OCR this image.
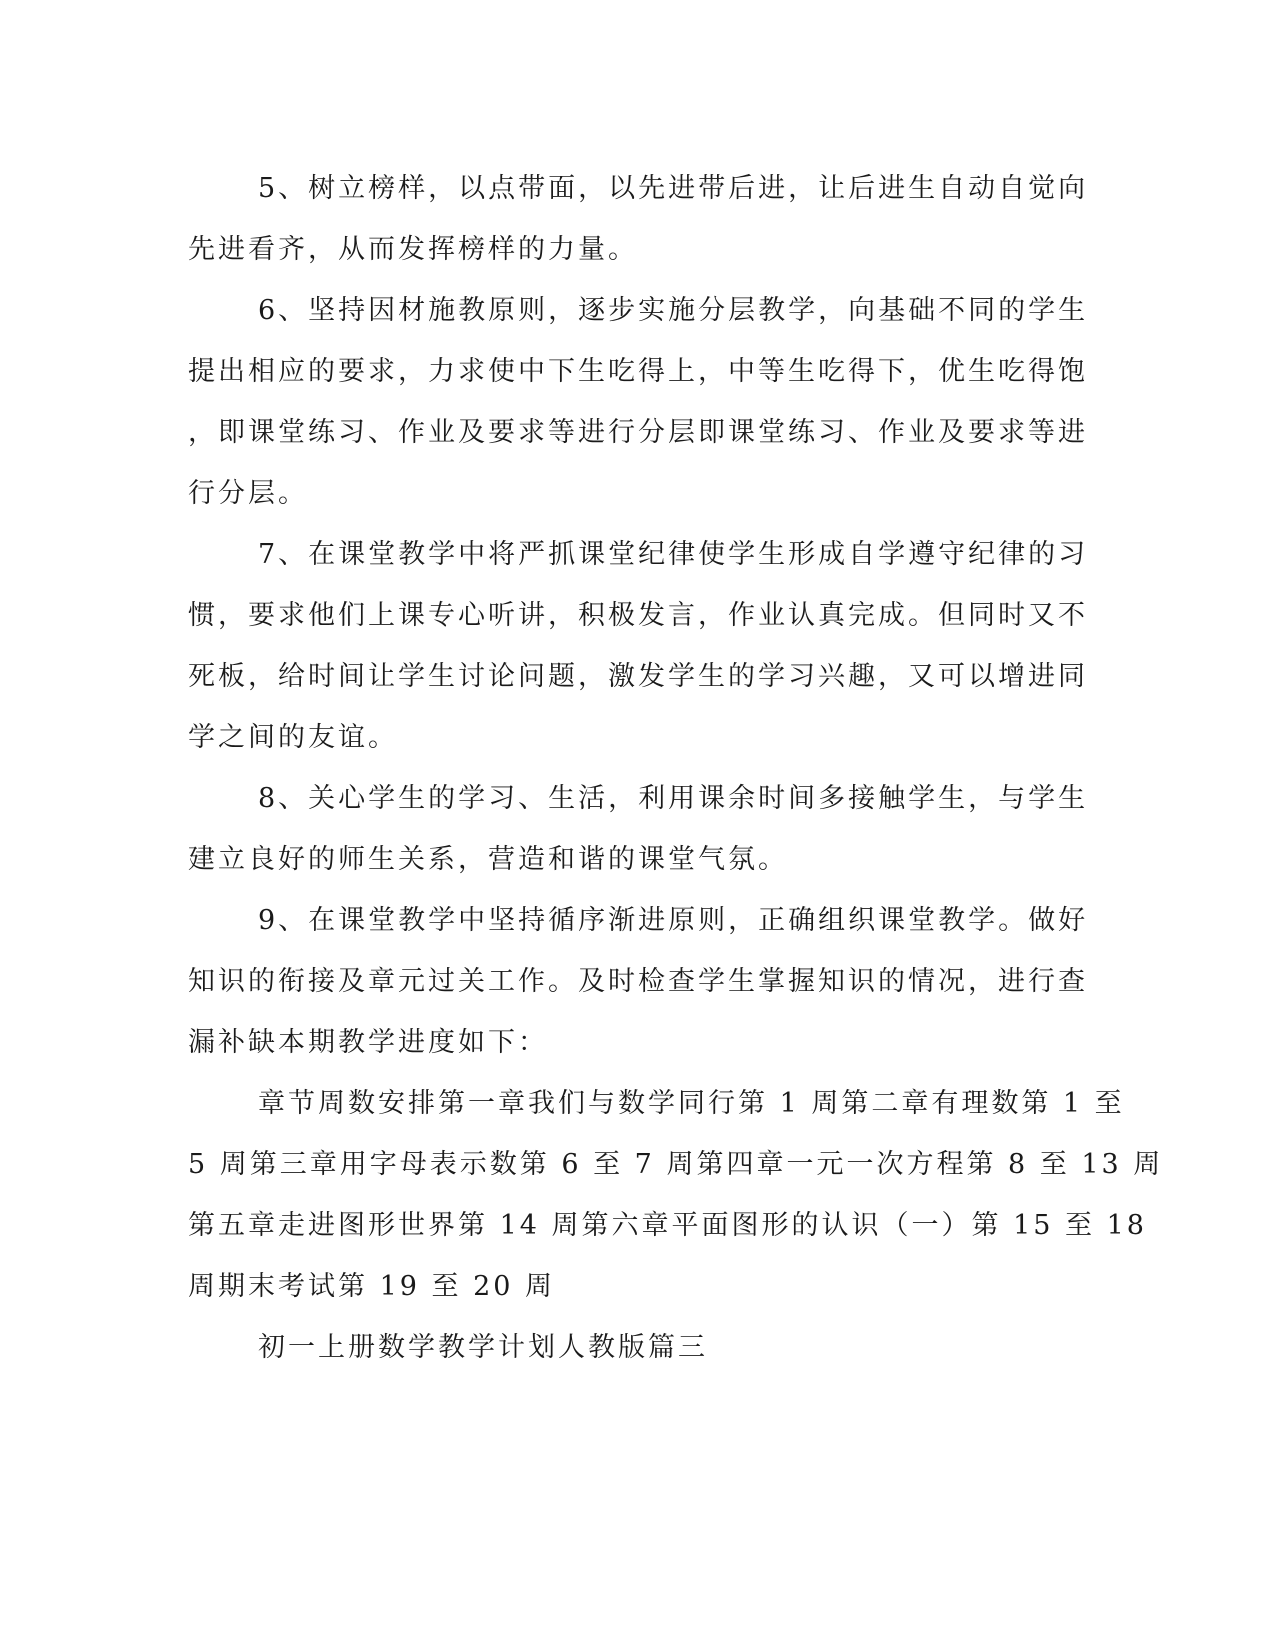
5、树立榜样，以点带面，以先进带后进，让后进生自动自觉向
先进看齐，从而发挥榜样的力量。

6、坚持因材施教原则，逐步实施分层教学，向基础不同的学生
提出相应的要求，力求使中下生吃得上，中等生吃得下，优生吃得饱
，即课堂练习、作业及要求等进行分层即课堂练习、作业及要求等进
行分层。

7、在课堂教学中将严抓课堂纪律使学生形成自学遵守纪律的习
惯，要求他们上课专心听讲，积极发言，作业认真完成。但同时又不
死板，给时间让学生讨论问题，激发学生的学习兴趣，又可以增进同
学之间的友谊。

8、关心学生的学习、生活，利用课余时间多接触学生，与学生
建立良好的师生关系，营造和谐的课堂气氛。

9、在课堂教学中坚持循序渐进原则，正确组织课堂教学。做好
知识的衔接及章元过关工作。及时检查学生掌握知识的情况，进行查
漏补缺本期教学进度如下：

章节周数安排第一章我们与数学同行第 1 周第二章有理数第 1 至
5 周第三章用字母表示数第 6 至 7 周第四章一元一次方程第 8 至 13 周
第五章走进图形世界第 14 周第六章平面图形的认识（一）第 15 至 18
周期末考试第 19 至 20 周

初一上册数学教学计划人教版篇三
